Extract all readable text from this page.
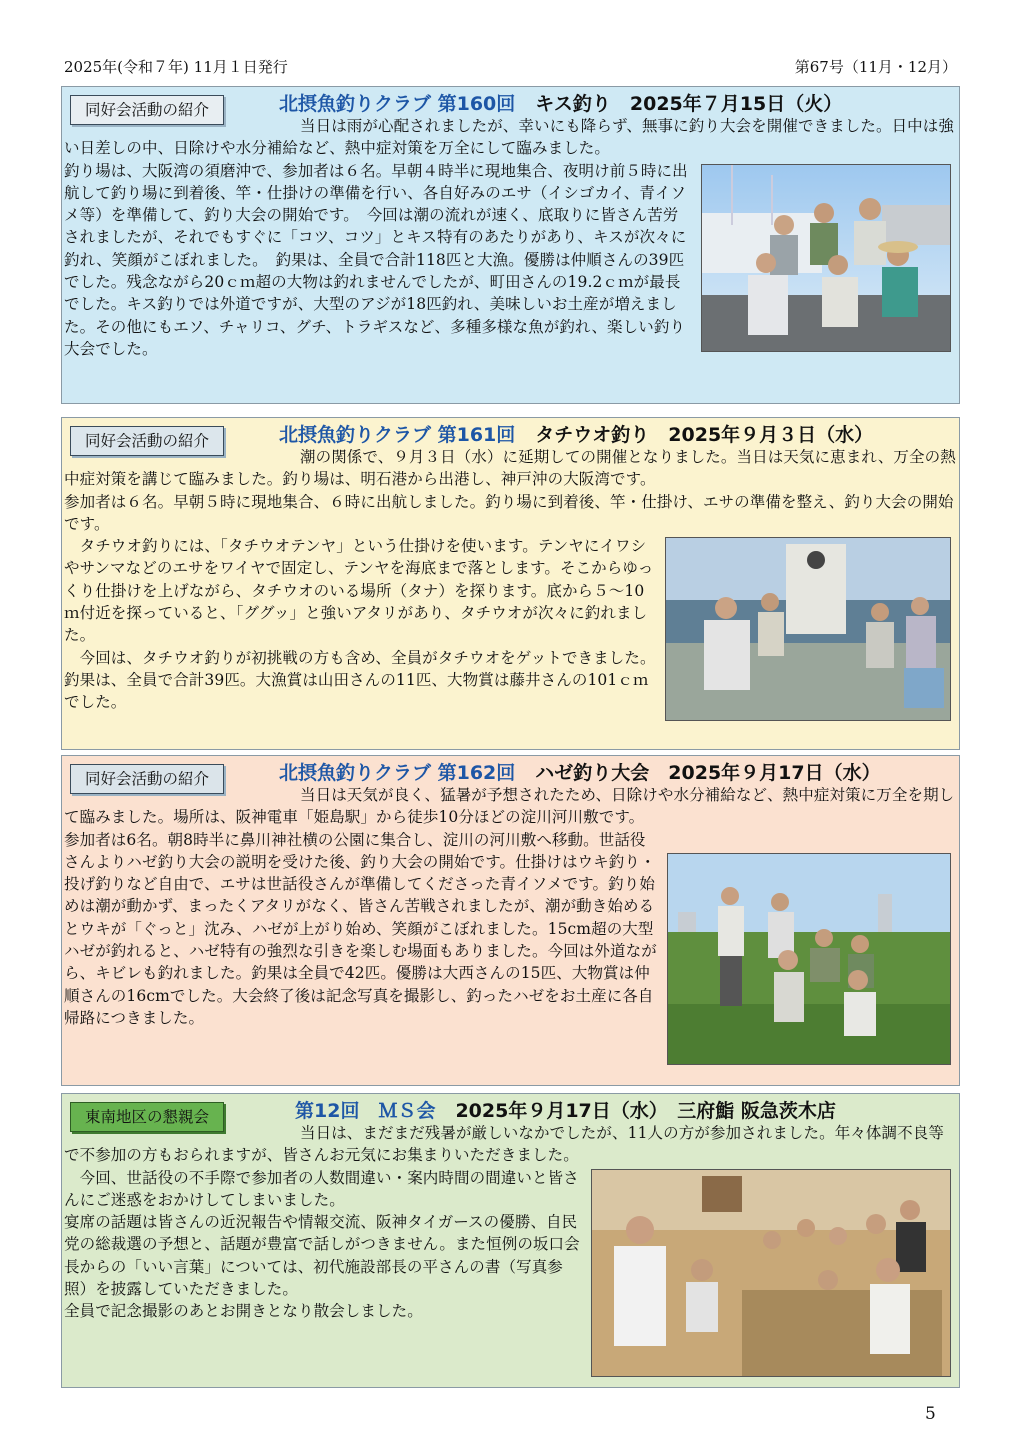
2025年(令和７年) 11月１日発行	第67号（11月・12月）
同好会活動の紹介	北摂魚釣りクラブ 第160回 キス釣り　2025年７月15日（火）

当日は雨が心配されましたが、幸いにも降らず、無事に釣り大会を開催できました。日中は強い日差しの中、日除けや水分補給など、熱中症対策を万全にして臨みました。

釣り場は、大阪湾の須磨沖で、参加者は６名。早朝４時半に現地集合、夜明け前５時に出航して釣り場に到着後、竿・仕掛けの準備を行い、各自好みのエサ（イシゴカイ、青イソメ等）を準備して、釣り大会の開始です。　今回は潮の流れが速く、底取りに皆さん苦労されましたが、それでもすぐに「コツ、コツ」とキス特有のあたりがあり、キスが次々に釣れ、笑顔がこぼれました。　釣果は、全員で合計118匹と大漁。優勝は仲順さんの39匹でした。残念ながら20ｃｍ超の大物は釣れませんでしたが、町田さんの19.2ｃｍが最長でした。キス釣りでは外道ですが、大型のアジが18匹釣れ、美味しいお土産が増えました。その他にもエソ、チャリコ、グチ、トラギスなど、多種多様な魚が釣れ、楽しい釣り大会でした。

同好会活動の紹介	北摂魚釣りクラブ 第161回 タチウオ釣り　2025年９月３日（水）

潮の関係で、９月３日（水）に延期しての開催となりました。当日は天気に恵まれ、万全の熱中症対策を講じて臨みました。釣り場は、明石港から出港し、神戸沖の大阪湾です。

参加者は６名。早朝５時に現地集合、６時に出航しました。釣り場に到着後、竿・仕掛け、エサの準備を整え、釣り大会の開始です。

　タチウオ釣りには、「タチウオテンヤ」という仕掛けを使います。テンヤにイワシやサンマなどのエサをワイヤで固定し、テンヤを海底まで落とします。そこからゆっくり仕掛けを上げながら、タチウオのいる場所（タナ）を探ります。底から５～10ｍ付近を探っていると、「ググッ」と強いアタリがあり、タチウオが次々に釣れました。

　今回は、タチウオ釣りが初挑戦の方も含め、全員がタチウオをゲットできました。釣果は、全員で合計39匹。大漁賞は山田さんの11匹、大物賞は藤井さんの101ｃｍでした。

同好会活動の紹介	北摂魚釣りクラブ 第162回 ハゼ釣り大会　2025年９月17日（水）

当日は天気が良く、猛暑が予想されたため、日除けや水分補給など、熱中症対策に万全を期して臨みました。場所は、阪神電車「姫島駅」から徒歩10分ほどの淀川河川敷です。

参加者は6名。朝8時半に鼻川神社横の公園に集合し、淀川の河川敷へ移動。世話役さんよりハゼ釣り大会の説明を受けた後、釣り大会の開始です。仕掛けはウキ釣り・投げ釣りなど自由で、エサは世話役さんが準備してくださった青イソメです。釣り始めは潮が動かず、まったくアタリがなく、皆さん苦戦されましたが、潮が動き始めるとウキが「ぐっと」沈み、ハゼが上がり始め、笑顔がこぼれました。15cm超の大型ハゼが釣れると、ハゼ特有の強烈な引きを楽しむ場面もありました。今回は外道ながら、キビレも釣れました。釣果は全員で42匹。優勝は大西さんの15匹、大物賞は仲順さんの16cmでした。大会終了後は記念写真を撮影し、釣ったハゼをお土産に各自帰路につきました。

東南地区の懇親会	第12回　ＭＳ会 2025年９月17日（水）　三府鮨 阪急茨木店

当日は、まだまだ残暑が厳しいなかでしたが、11人の方が参加されました。年々体調不良等で不参加の方もおられますが、皆さんお元気にお集まりいただきました。

　今回、世話役の不手際で参加者の人数間違い・案内時間の間違いと皆さんにご迷惑をおかけしてしまいました。

宴席の話題は皆さんの近況報告や情報交流、阪神タイガースの優勝、自民党の総裁選の予想と、話題が豊富で話しがつきません。また恒例の坂口会長からの「いい言葉」については、初代施設部長の平さんの書（写真参照）を披露していただきました。

全員で記念撮影のあとお開きとなり散会しました。

5
